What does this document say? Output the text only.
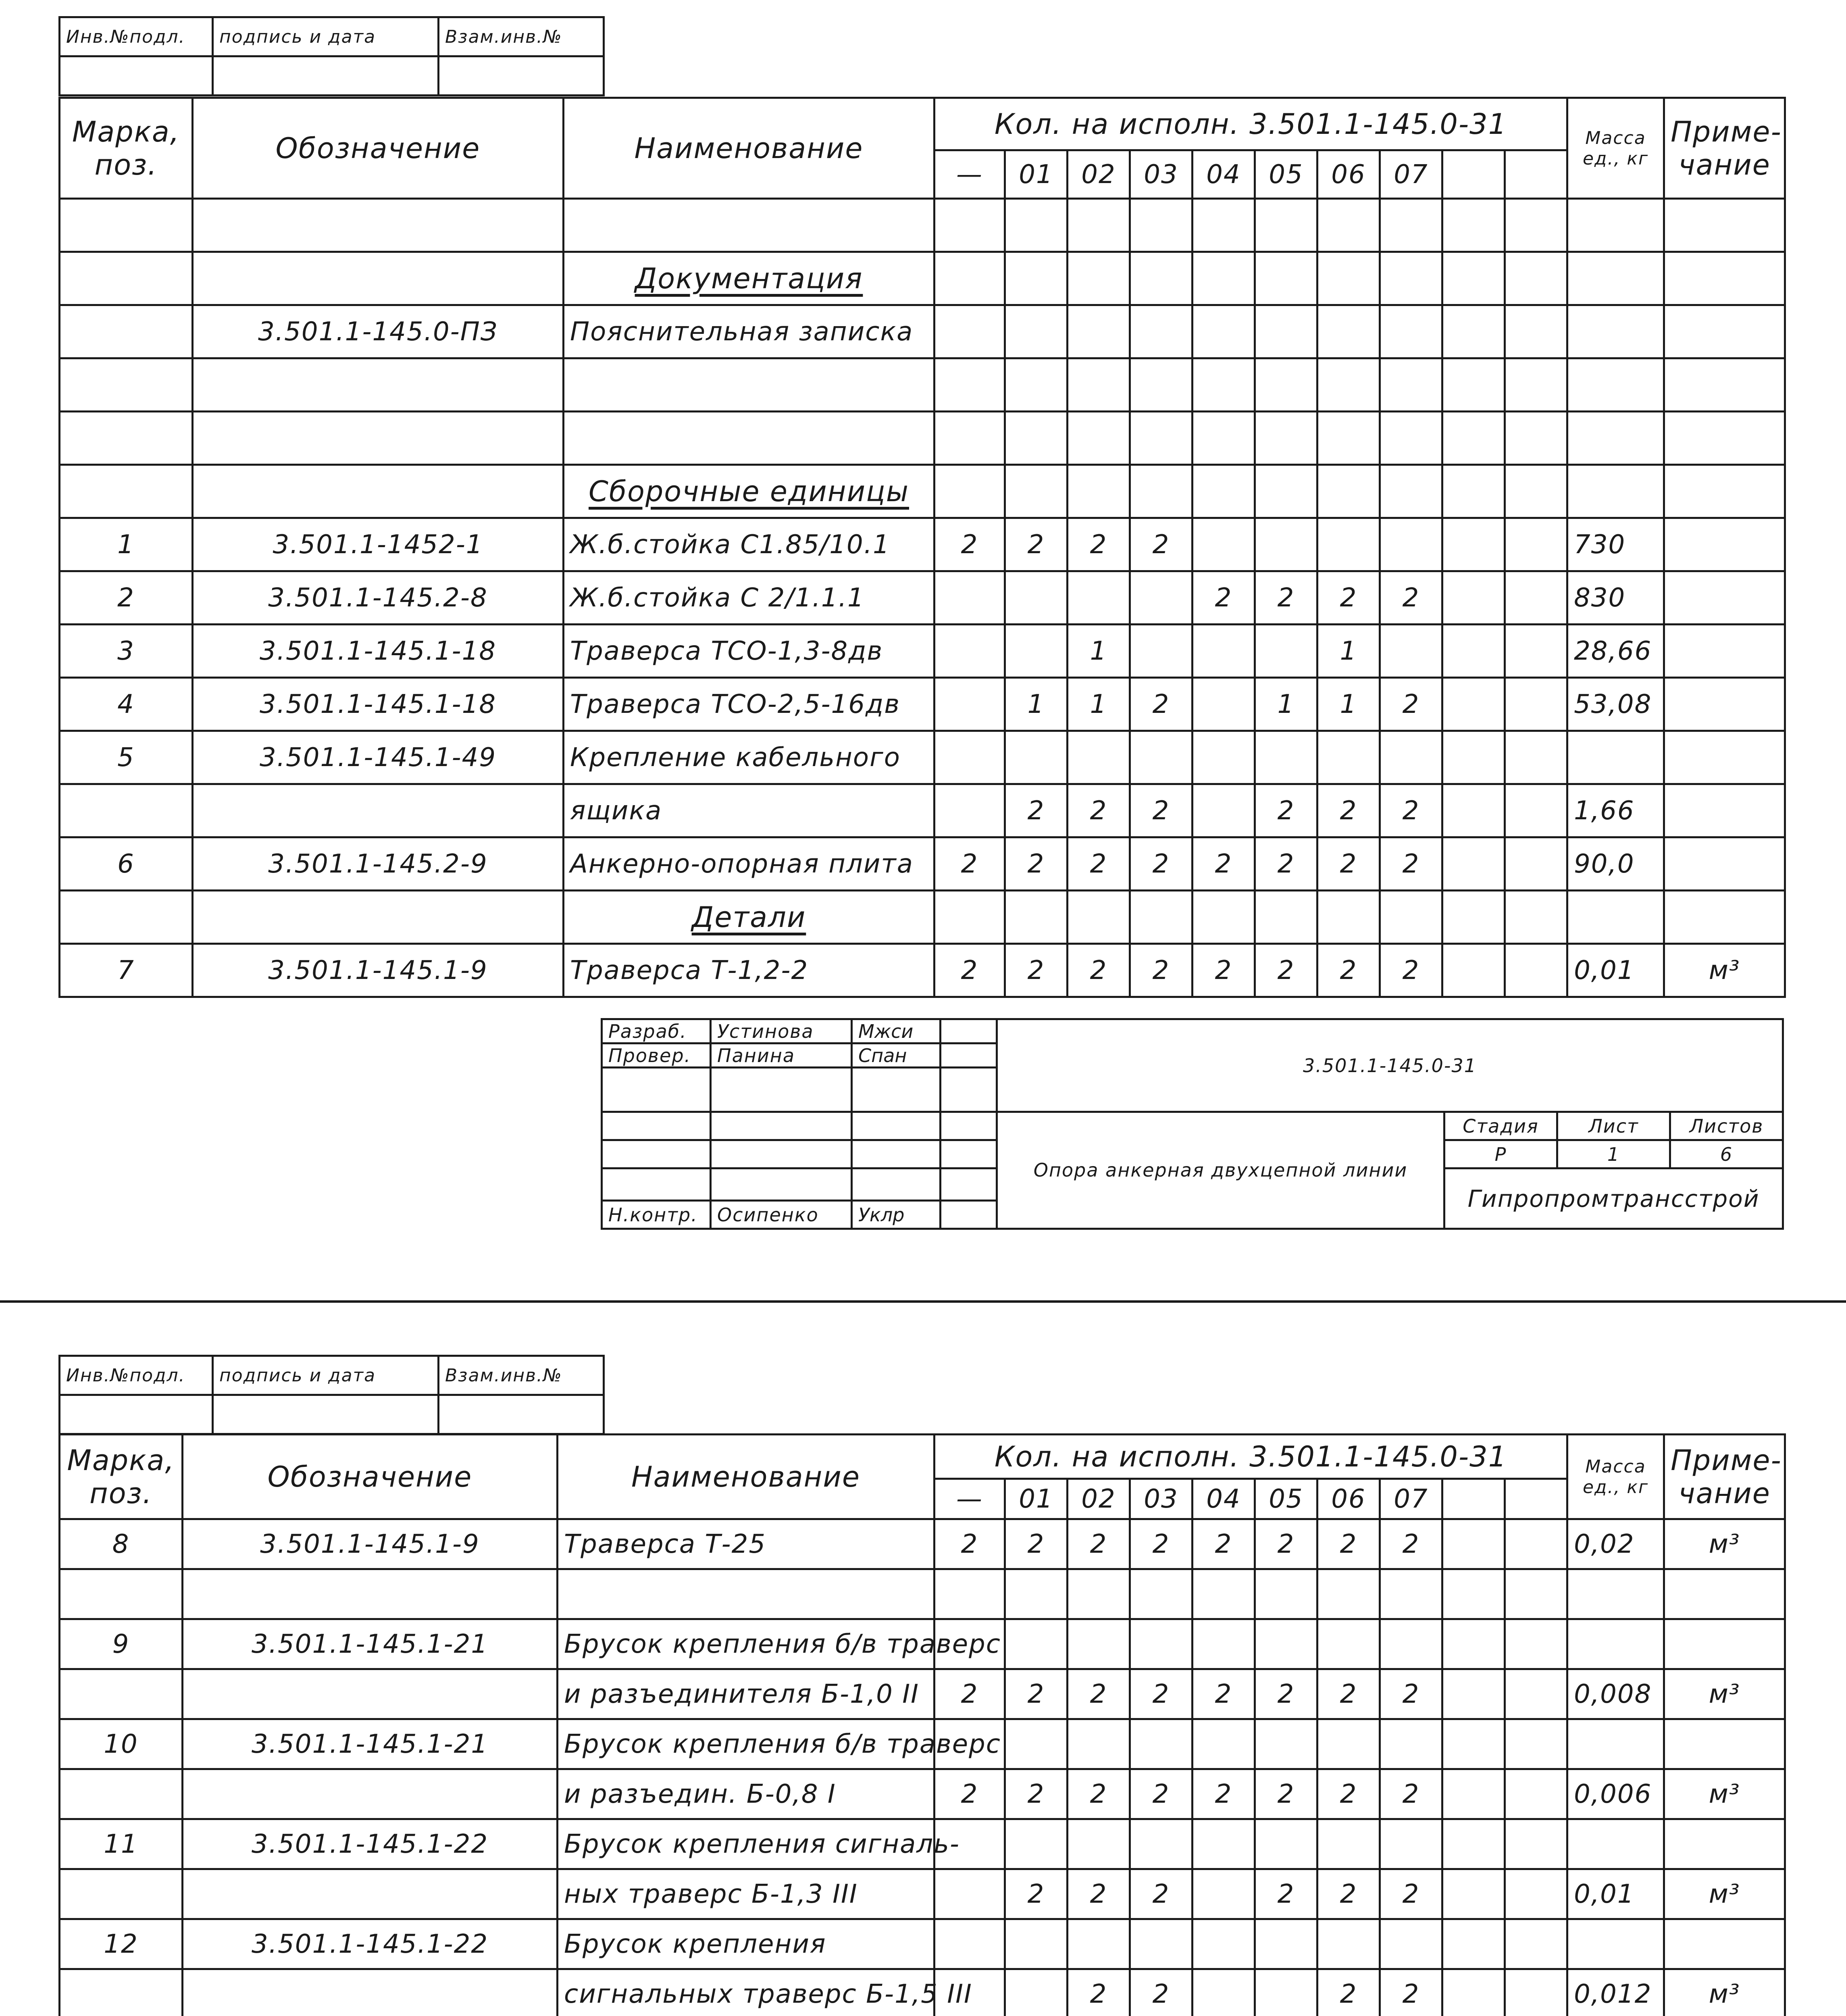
Инв.№подл.	подпись и дата	Взам.инв.№

Марка, поз.	Обозначение	Наименование	Кол. на исполн. 3.501.1-145.0-31										Масса ед., кг	Приме- чание
			—	01	02	03	04	05	06	07				

		Документация												
	3.501.1-145.0-ПЗ	Пояснительная записка												

		Сборочные единицы												
1	3.501.1-1452-1	Ж.б.стойка С1.85/10.1	2	2	2	2							730	
2	3.501.1-145.2-8	Ж.б.стойка С 2/1.1.1					2	2	2	2			830	
3	3.501.1-145.1-18	Траверса ТСО-1,3-8дв			1				1				28,66	
4	3.501.1-145.1-18	Траверса ТСО-2,5-16дв		1	1	2		1	1	2			53,08	
5	3.501.1-145.1-49	Крепление кабельного												
		ящика		2	2	2		2	2	2			1,66	
6	3.501.1-145.2-9	Анкерно-опорная плита	2	2	2	2	2	2	2	2			90,0	
		Детали												
7	3.501.1-145.1-9	Траверса Т-1,2-2	2	2	2	2	2	2	2	2			0,01	м³
Разраб.	Устинова	Мжси		3.501.1-145.0-31			
Провер.	Панина	Спан					

				Опора анкерная двухцепной линии	Стадия	Лист	Листов
					Р	1	6
					Гипропромтрансстрой		
Н.контр.	Осипенко	Уклр					
Инв.№подл.	подпись и дата	Взам.инв.№

Марка, поз.	Обозначение	Наименование	Кол. на исполн. 3.501.1-145.0-31										Масса ед., кг	Приме- чание
			—	01	02	03	04	05	06	07				
8	3.501.1-145.1-9	Траверса Т-25	2	2	2	2	2	2	2	2			0,02	м³

9	3.501.1-145.1-21	Брусок крепления б/в траверс												
		и разъединителя Б-1,0 II	2	2	2	2	2	2	2	2			0,008	м³
10	3.501.1-145.1-21	Брусок крепления б/в траверс												
		и разъедин. Б-0,8 I	2	2	2	2	2	2	2	2			0,006	м³
11	3.501.1-145.1-22	Брусок крепления сигналь-												
		ных траверс Б-1,3 III		2	2	2		2	2	2			0,01	м³
12	3.501.1-145.1-22	Брусок крепления												
		сигнальных траверс Б-1,5 III			2	2			2	2			0,012	м³
